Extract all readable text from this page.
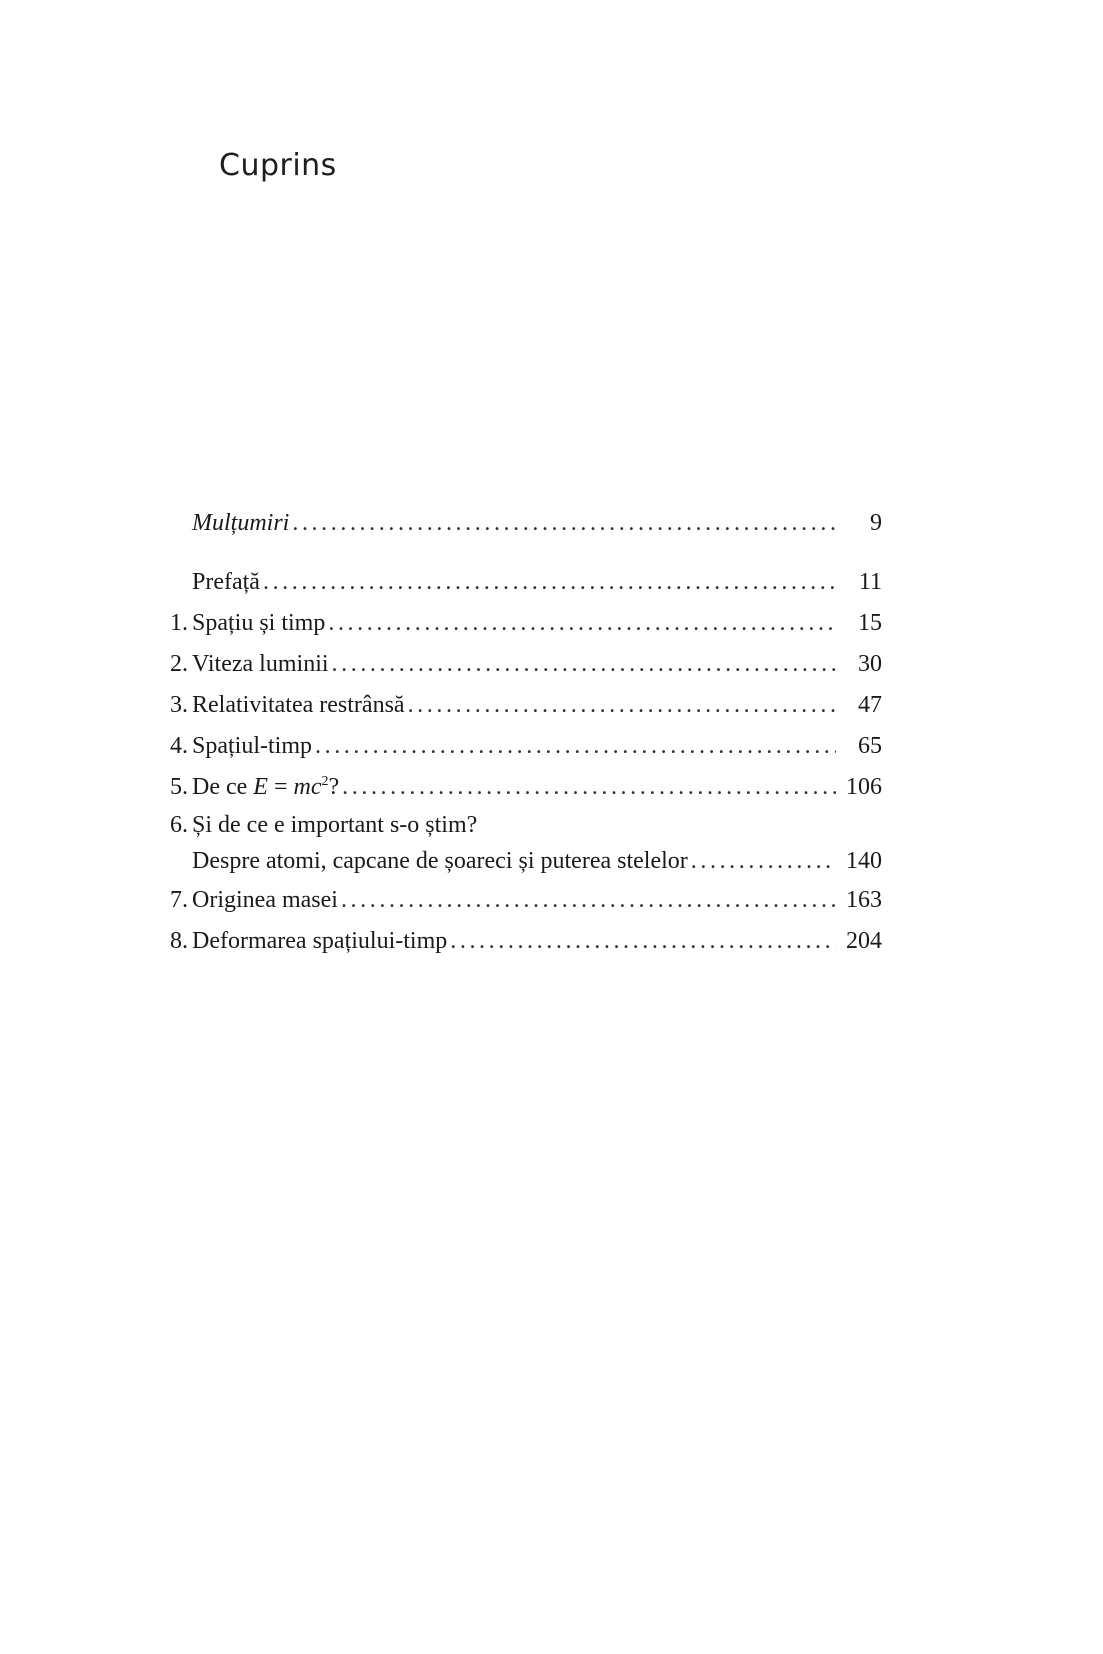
Cuprins
Mulțumiri . . .	9
Prefață . . .	11
1. Spațiu și timp . . .	15
2. Viteza luminii . . .	30
3. Relativitatea restrânsă . . .	47
4. Spațiul-timp . . .	65
5. De ce $E = mc^2$? . . .	106
6. Și de ce e important s-o știm?
Despre atomi, capcane de șoareci și puterea stelelor . . .	140
7. Originea masei . . .	163
8. Deformarea spațiului-timp . . .	204
